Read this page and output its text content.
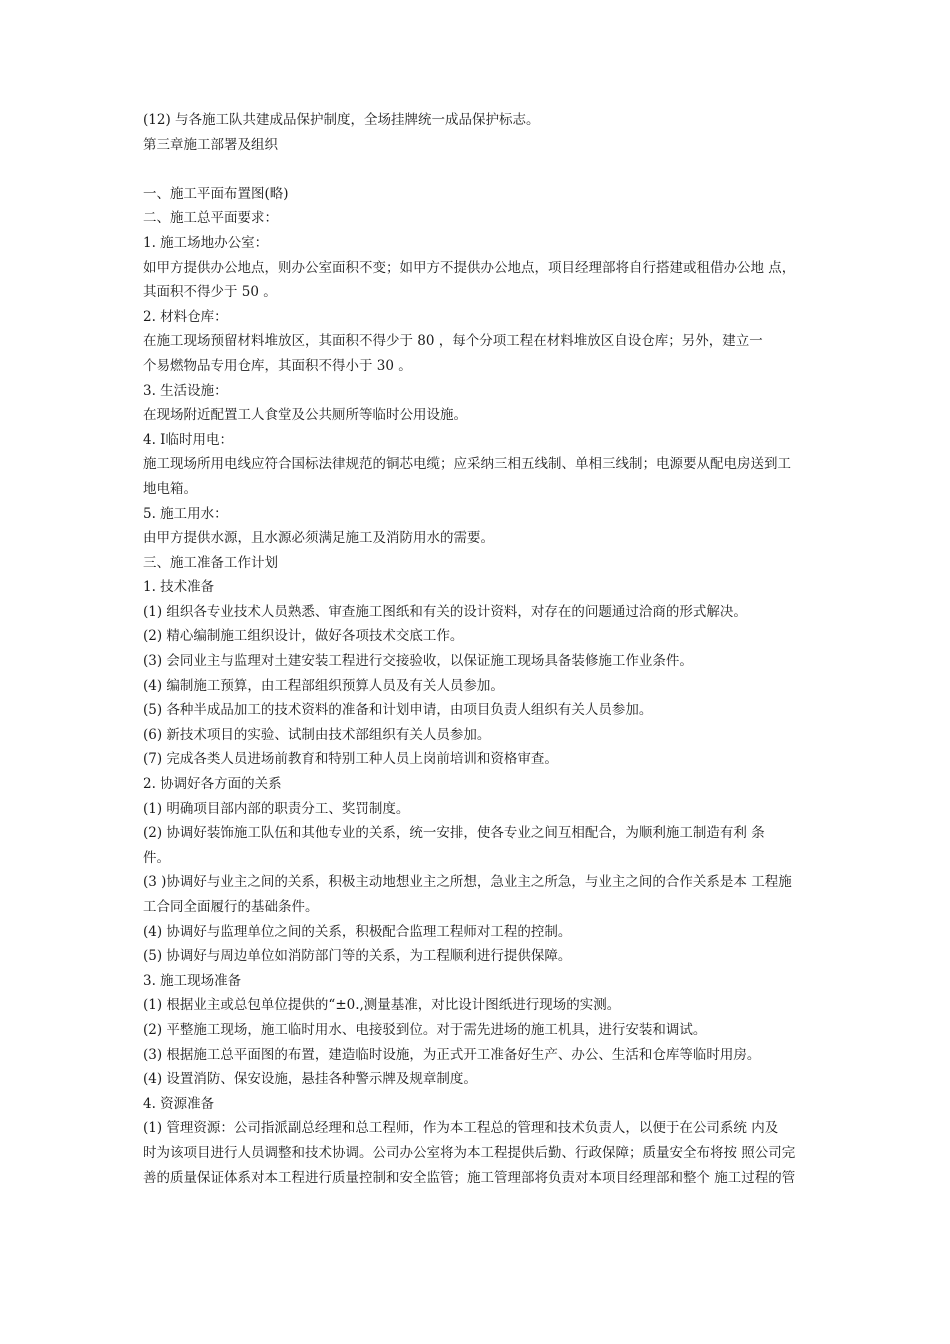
(12) 与各施工队共建成品保护制度，全场挂牌统一成品保护标志。
第三章施工部署及组织
一、施工平面布置图(略)
二、施工总平面要求：
1. 施工场地办公室：
如甲方提供办公地点，则办公室面积不变；如甲方不提供办公地点，项目经理部将自行搭建或租借办公地 点，
其面积不得少于 50 。
2. 材料仓库：
在施工现场预留材料堆放区，其面积不得少于 80 ，每个分项工程在材料堆放区自设仓库；另外，建立一
个易燃物品专用仓库，其面积不得小于 30 。
3. 生活设施：
在现场附近配置工人食堂及公共厕所等临时公用设施。
4. I临时用电：
施工现场所用电线应符合国标法律规范的铜芯电缆；应采纳三相五线制、单相三线制；电源要从配电房送到工
地电箱。
5. 施工用水：
由甲方提供水源，且水源必须满足施工及消防用水的需要。
三、施工准备工作计划
1. 技术准备
(1) 组织各专业技术人员熟悉、审查施工图纸和有关的设计资料，对存在的问题通过洽商的形式解决。
(2) 精心编制施工组织设计，做好各项技术交底工作。
(3) 会同业主与监理对土建安装工程进行交接验收，以保证施工现场具备装修施工作业条件。
(4) 编制施工预算，由工程部组织预算人员及有关人员参加。
(5) 各种半成品加工的技术资料的准备和计划申请，由项目负责人组织有关人员参加。
(6) 新技术项目的实验、试制由技术部组织有关人员参加。
(7) 完成各类人员进场前教育和特别工种人员上岗前培训和资格审查。
2. 协调好各方面的关系
(1) 明确项目部内部的职责分工、奖罚制度。
(2) 协调好装饰施工队伍和其他专业的关系，统一安排，使各专业之间互相配合，为顺利施工制造有利 条
件。
(3 )协调好与业主之间的关系，积极主动地想业主之所想，急业主之所急，与业主之间的合作关系是本 工程施
工合同全面履行的基础条件。
(4) 协调好与监理单位之间的关系，积极配合监理工程师对工程的控制。
(5) 协调好与周边单位如消防部门等的关系，为工程顺利进行提供保障。
3. 施工现场准备
(1) 根据业主或总包单位提供的“±0.,测量基准，对比设计图纸进行现场的实测。
(2) 平整施工现场，施工临时用水、电接驳到位。对于需先进场的施工机具，进行安装和调试。
(3) 根据施工总平面图的布置，建造临时设施，为正式开工准备好生产、办公、生活和仓库等临时用房。
(4) 设置消防、保安设施，悬挂各种警示牌及规章制度。
4. 资源准备
(1) 管理资源：公司指派副总经理和总工程师，作为本工程总的管理和技术负责人，以便于在公司系统 内及
时为该项目进行人员调整和技术协调。公司办公室将为本工程提供后勤、行政保障；质量安全布将按 照公司完
善的质量保证体系对本工程进行质量控制和安全监管；施工管理部将负责对本项目经理部和整个 施工过程的管
